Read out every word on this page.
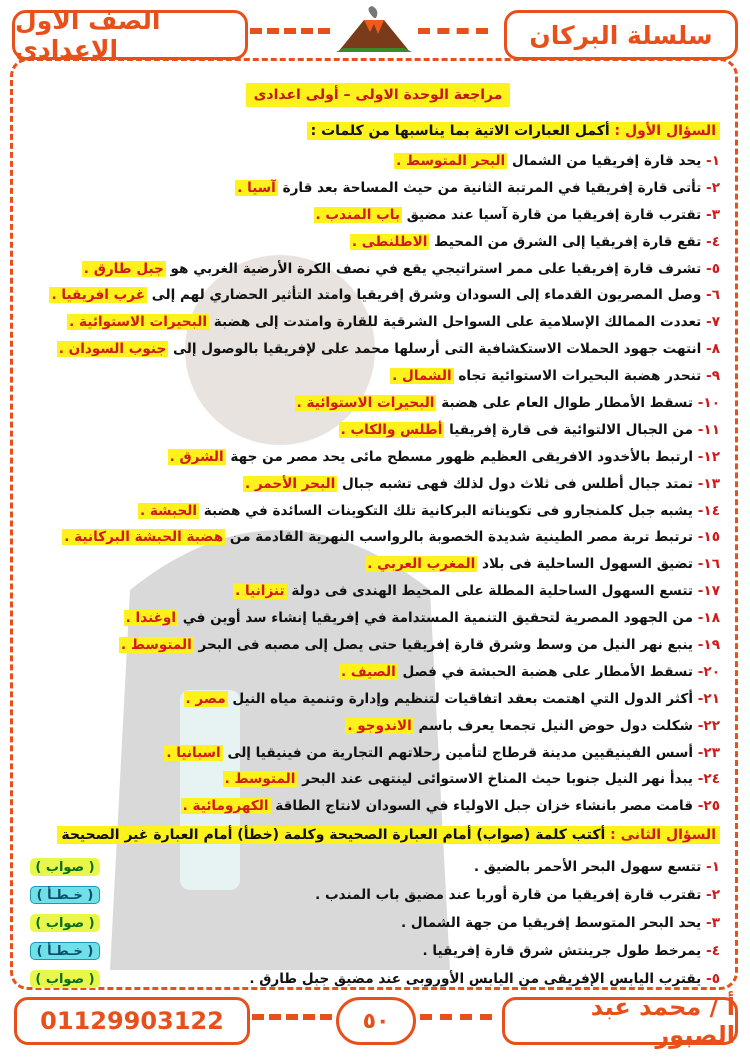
الصف الاول الاعدادى	سلسلة البركان
مراجعة الوحدة الاولى – أولى اعدادى
السؤال الأول : أكمل العبارات الاتية بما يناسبها من كلمات :
١- يحد قارة إفريقيا من الشمال البحر المتوسط .
٢- تأتى قارة إفريقيا في المرتبة الثانية من حيث المساحة بعد قارة آسيا .
٣- تقترب قارة إفريقيا من قارة آسيا عند مضيق باب المندب .
٤- تقع قارة إفريقيا إلى الشرق من المحيط الاطلنطى .
٥- تشرف قارة إفريقيا على ممر استراتيجي يقع في نصف الكرة الأرضية الغربي هو جبل طارق .
٦- وصل المصريون القدماء إلى السودان وشرق إفريقيا وامتد التأثير الحضاري لهم إلى غرب افريقيا .
٧- تعددت الممالك الإسلامية على السواحل الشرقية للقارة وامتدت إلى هضبة البحيرات الاستوائية .
٨- انتهت جهود الحملات الاستكشافية التى أرسلها محمد على لإفريقيا بالوصول إلى جنوب السودان .
٩- تنحدر هضبة البحيرات الاستوائية تجاه الشمال .
١٠- تسقط الأمطار طوال العام على هضبة البحيرات الاستوائية .
١١- من الجبال الالتوائية فى قارة إفريقيا أطلس والكاب .
١٢- ارتبط بالأخدود الافريقى العظيم ظهور مسطح مائى يحد مصر من جهة الشرق .
١٣- تمتد جبال أطلس فى ثلاث دول لذلك فهى تشبه جبال البحر الأحمر .
١٤- يشبه جبل كلمنجارو فى تكويناته البركانية تلك التكوينات السائدة في هضبة الحبشة .
١٥- ترتبط تربة مصر الطينية شديدة الخصوبة بالرواسب النهرية القادمة من هضبة الحبشة البركانية .
١٦- تضيق السهول الساحلية فى بلاد المغرب العربي .
١٧- تتسع السهول الساحلية المطلة على المحيط الهندى فى دولة تنزانيا .
١٨- من الجهود المصرية لتحقيق التنمية المستدامة في إفريقيا إنشاء سد أوين في اوغندا .
١٩- ينبع نهر النيل من وسط وشرق قارة إفريقيا حتى يصل إلى مصبه فى البحر المتوسط .
٢٠- تسقط الأمطار على هضبة الحبشة في فصل الصيف .
٢١- أكثر الدول التي اهتمت بعقد اتفاقيات لتنظيم وإدارة وتنمية مياه النيل مصر .
٢٢- شكلت دول حوض النيل تجمعا يعرف باسم الاندوجو .
٢٣- أسس الفينيقيين مدينة قرطاج لتأمين رحلاتهم التجارية من فينيقيا إلى اسبانيا .
٢٤- يبدأ نهر النيل جنوبا حيث المناخ الاستوائى لينتهى عند البحر المتوسط .
٢٥- قامت مصر بانشاء خزان جبل الاولياء في السودان لانتاج الطاقة الكهرومائية .
السؤال الثانى : أكتب كلمة (صواب) أمام العبارة الصحيحة وكلمة (خطأ) أمام العبارة غير الصحيحة
١- تتسع سهول البحر الأحمر بالضيق .
( صواب )
٢- تقترب قارة إفريقيا من قارة أوربا عند مضيق باب المندب .
( خـطـأ )
٣- يحد البحر المتوسط إفريقيا من جهة الشمال .
( صواب )
٤- يمرخط طول جرينتش شرق قارة إفريقيا .
( خـطـأ )
٥- يقترب اليابس الإفريقى من اليابس الأوروبى عند مضيق جبل طارق .
( صواب )
01129903122	٥٠	أ / محمد عبد الصبور
